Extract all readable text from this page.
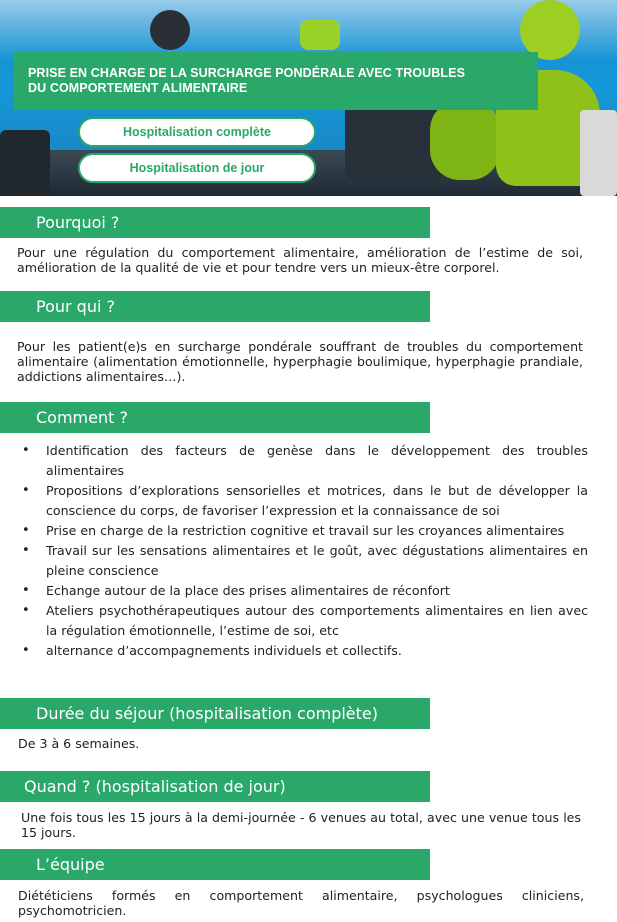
PRISE EN CHARGE DE LA SURCHARGE PONDÉRALE AVEC TROUBLES
DU COMPORTEMENT ALIMENTAIRE
Hospitalisation complète
Hospitalisation de jour
Pourquoi ?
Pour une régulation du comportement alimentaire, amélioration de l’estime de soi, amélioration de la qualité de vie et pour tendre vers un mieux-être corporel.
Pour qui ?
Pour les patient(e)s en surcharge pondérale souffrant de troubles du comportement alimentaire (alimentation émotionnelle, hyperphagie boulimique, hyperphagie prandiale, addictions alimentaires…).
Comment ?
• Identification des facteurs de genèse dans le développement des troubles alimentaires
• Propositions d’explorations sensorielles et motrices, dans le but de développer la conscience du corps, de favoriser l’expression et la connaissance de soi
• Prise en charge de la restriction cognitive et travail sur les croyances alimentaires
• Travail sur les sensations alimentaires et le goût, avec dégustations alimentaires en pleine conscience
• Echange autour de la place des prises alimentaires de réconfort
• Ateliers psychothérapeutiques autour des comportements alimentaires en lien avec la régulation émotionnelle, l’estime de soi, etc
• alternance d’accompagnements individuels et collectifs.
Durée du séjour (hospitalisation complète)
De 3 à 6 semaines.
Quand ? (hospitalisation de jour)
Une fois tous les 15 jours à la demi-journée - 6 venues au total, avec une venue tous les 15 jours.
L’équipe
Diététiciens formés en comportement alimentaire, psychologues cliniciens, psychomotricien.
